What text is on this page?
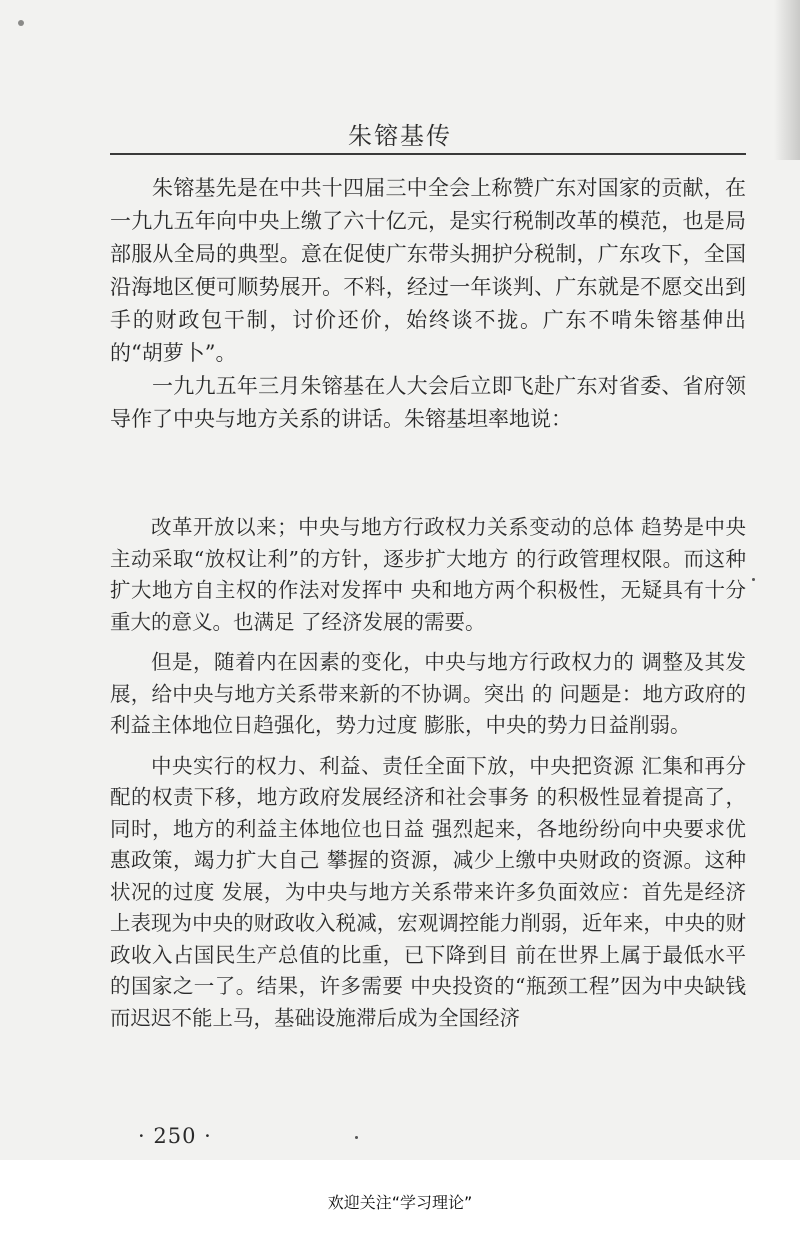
朱镕基传

朱镕基先是在中共十四届三中全会上称赞广东对国家的贡献，在一九九五年向中央上缴了六十亿元，是实行税制改革的模范，也是局部服从全局的典型。意在促使广东带头拥护分税制，广东攻下，全国沿海地区便可顺势展开。不料，经过一年谈判、广东就是不愿交出到手的财政包干制，讨价还价，始终谈不拢。广东不啃朱镕基伸出的“胡萝卜”。

一九九五年三月朱镕基在人大会后立即飞赴广东对省委、省府领导作了中央与地方关系的讲话。朱镕基坦率地说：

改革开放以来；中央与地方行政权力关系变动的总体 趋势是中央主动采取“放权让利”的方针，逐步扩大地方 的行政管理权限。而这种扩大地方自主权的作法对发挥中 央和地方两个积极性，无疑具有十分重大的意义。也满足 了经济发展的需要。

但是，随着内在因素的变化，中央与地方行政权力的 调整及其发展，给中央与地方关系带来新的不协调。突出 的 问题是：地方政府的利益主体地位日趋强化，势力过度 膨胀，中央的势力日益削弱。

中央实行的权力、利益、责任全面下放，中央把资源 汇集和再分配的权责下移，地方政府发展经济和社会事务 的积极性显着提高了，同时，地方的利益主体地位也日益 强烈起来，各地纷纷向中央要求优惠政策，竭力扩大自己 攀握的资源，减少上缴中央财政的资源。这种状况的过度 发展，为中央与地方关系带来许多负面效应：首先是经济 上表现为中央的财政收入税减，宏观调控能力削弱，近年来，中央的财政收入占国民生产总值的比重，已下降到目 前在世界上属于最低水平的国家之一了。结果，许多需要 中央投资的“瓶颈工程”因为中央缺钱而迟迟不能上马，基础设施滞后成为全国经济

· 250 ·
欢迎关注“学习理论”
